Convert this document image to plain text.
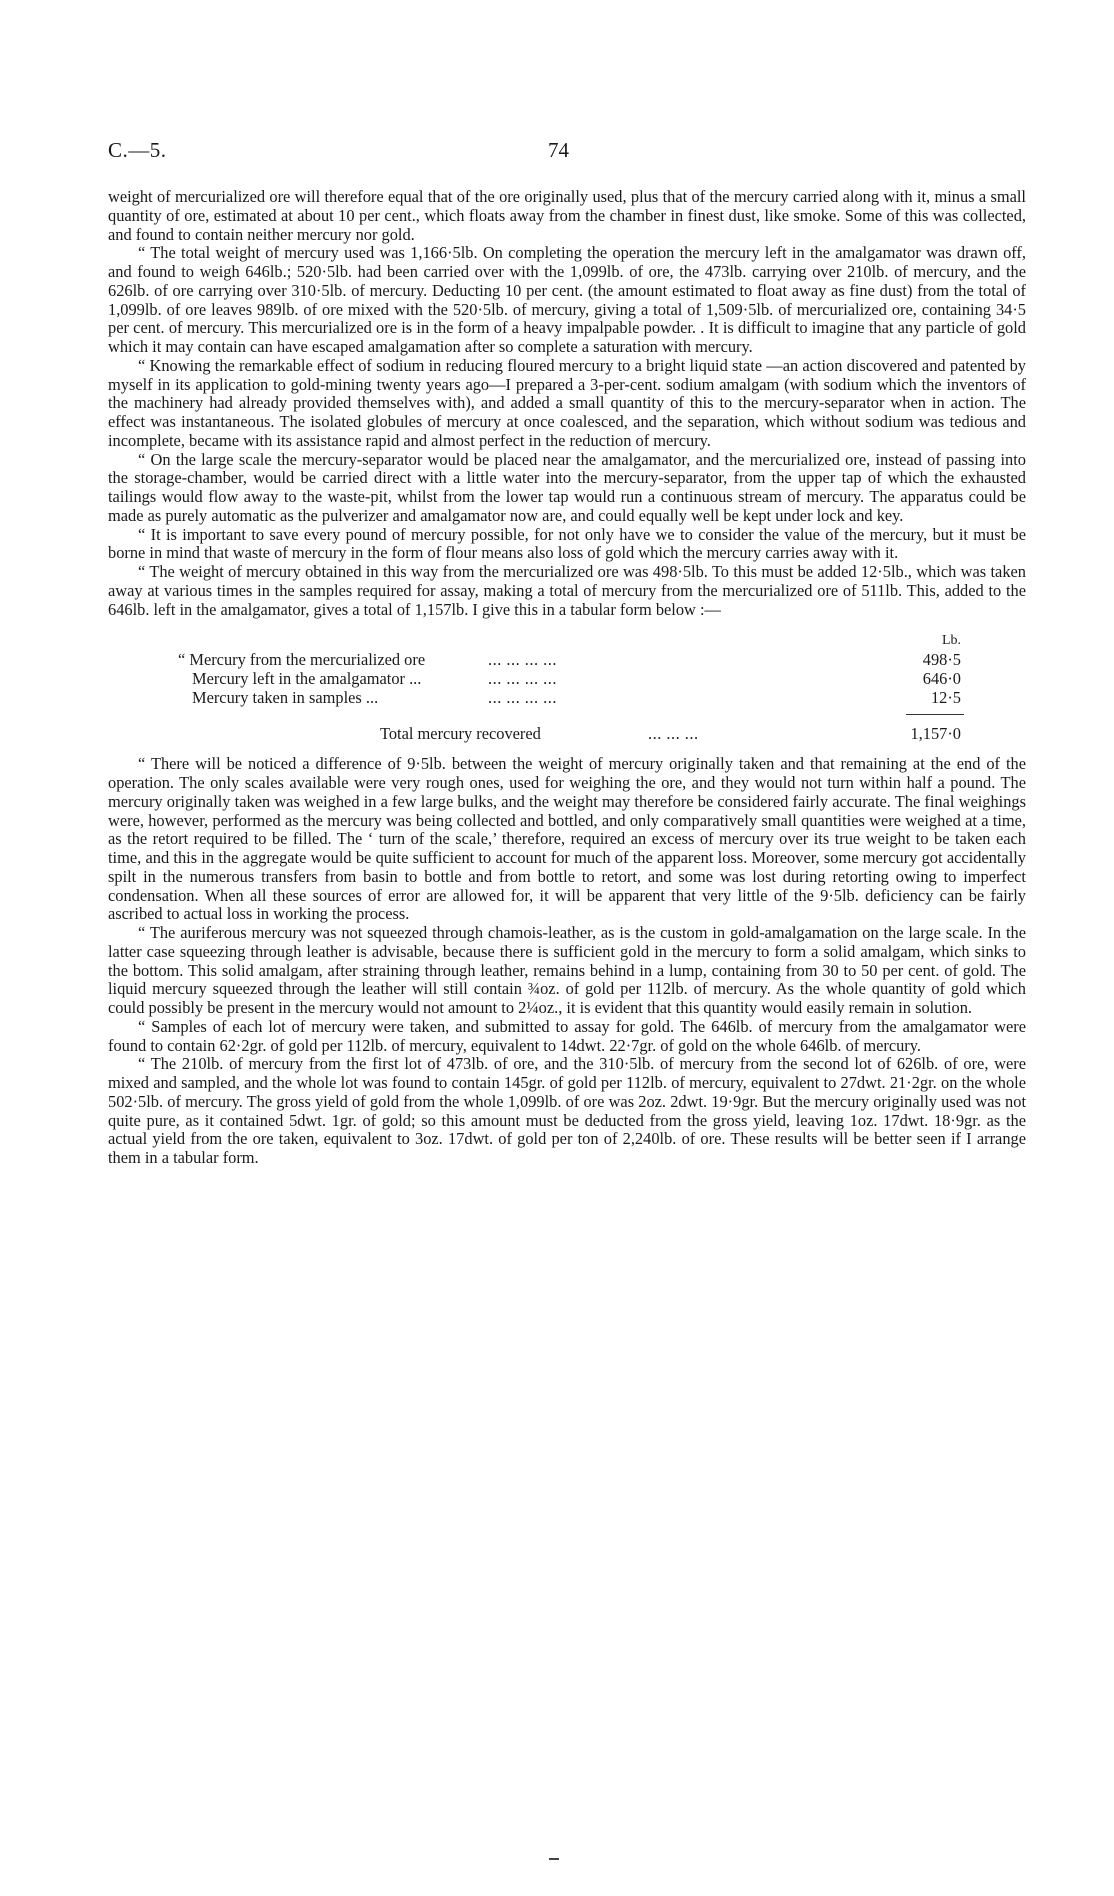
C.—5.	74

weight of mercurialized ore will therefore equal that of the ore originally used, plus that of the mercury carried along with it, minus a small quantity of ore, estimated at about 10 per cent., which floats away from the chamber in finest dust, like smoke. Some of this was collected, and found to contain neither mercury nor gold.

“ The total weight of mercury used was 1,166·5lb. On completing the operation the mercury left in the amalgamator was drawn off, and found to weigh 646lb.; 520·5lb. had been carried over with the 1,099lb. of ore, the 473lb. carrying over 210lb. of mercury, and the 626lb. of ore carrying over 310·5lb. of mercury. Deducting 10 per cent. (the amount estimated to float away as fine dust) from the total of 1,099lb. of ore leaves 989lb. of ore mixed with the 520·5lb. of mercury, giving a total of 1,509·5lb. of mercurialized ore, containing 34·5 per cent. of mercury. This mercurialized ore is in the form of a heavy impalpable powder. . It is difficult to imagine that any particle of gold which it may contain can have escaped amalgamation after so complete a saturation with mercury.

“ Knowing the remarkable effect of sodium in reducing floured mercury to a bright liquid state —an action discovered and patented by myself in its application to gold-mining twenty years ago—I prepared a 3-per-cent. sodium amalgam (with sodium which the inventors of the machinery had already provided themselves with), and added a small quantity of this to the mercury-separator when in action. The effect was instantaneous. The isolated globules of mercury at once coalesced, and the separation, which without sodium was tedious and incomplete, became with its assistance rapid and almost perfect in the reduction of mercury.

“ On the large scale the mercury-separator would be placed near the amalgamator, and the mercurialized ore, instead of passing into the storage-chamber, would be carried direct with a little water into the mercury-separator, from the upper tap of which the exhausted tailings would flow away to the waste-pit, whilst from the lower tap would run a continuous stream of mercury. The apparatus could be made as purely automatic as the pulverizer and amalgamator now are, and could equally well be kept under lock and key.

“ It is important to save every pound of mercury possible, for not only have we to consider the value of the mercury, but it must be borne in mind that waste of mercury in the form of flour means also loss of gold which the mercury carries away with it.

“ The weight of mercury obtained in this way from the mercurialized ore was 498·5lb. To this must be added 12·5lb., which was taken away at various times in the samples required for assay, making a total of mercury from the mercurialized ore of 511lb. This, added to the 646lb. left in the amalgamator, gives a total of 1,157lb. I give this in a tabular form below :—

Lb.
“ Mercury from the mercurialized ore	... ... ... ...	498·5
Mercury left in the amalgamator ...	... ... ... ...	646·0
Mercury taken in samples ...	... ... ... ...	12·5
Total mercury recovered	... ... ...	1,157·0

“ There will be noticed a difference of 9·5lb. between the weight of mercury originally taken and that remaining at the end of the operation. The only scales available were very rough ones, used for weighing the ore, and they would not turn within half a pound. The mercury originally taken was weighed in a few large bulks, and the weight may therefore be considered fairly accurate. The final weighings were, however, performed as the mercury was being collected and bottled, and only comparatively small quantities were weighed at a time, as the retort required to be filled. The ‘ turn of the scale,’ therefore, required an excess of mercury over its true weight to be taken each time, and this in the aggregate would be quite sufficient to account for much of the apparent loss. Moreover, some mercury got accidentally spilt in the numerous transfers from basin to bottle and from bottle to retort, and some was lost during retorting owing to imperfect condensation. When all these sources of error are allowed for, it will be apparent that very little of the 9·5lb. deficiency can be fairly ascribed to actual loss in working the process.

“ The auriferous mercury was not squeezed through chamois-leather, as is the custom in gold-amalgamation on the large scale. In the latter case squeezing through leather is advisable, because there is sufficient gold in the mercury to form a solid amalgam, which sinks to the bottom. This solid amalgam, after straining through leather, remains behind in a lump, containing from 30 to 50 per cent. of gold. The liquid mercury squeezed through the leather will still contain ¾oz. of gold per 112lb. of mercury. As the whole quantity of gold which could possibly be present in the mercury would not amount to 2¼oz., it is evident that this quantity would easily remain in solution.

“ Samples of each lot of mercury were taken, and submitted to assay for gold. The 646lb. of mercury from the amalgamator were found to contain 62·2gr. of gold per 112lb. of mercury, equivalent to 14dwt. 22·7gr. of gold on the whole 646lb. of mercury.

“ The 210lb. of mercury from the first lot of 473lb. of ore, and the 310·5lb. of mercury from the second lot of 626lb. of ore, were mixed and sampled, and the whole lot was found to contain 145gr. of gold per 112lb. of mercury, equivalent to 27dwt. 21·2gr. on the whole 502·5lb. of mercury. The gross yield of gold from the whole 1,099lb. of ore was 2oz. 2dwt. 19·9gr. But the mercury originally used was not quite pure, as it contained 5dwt. 1gr. of gold; so this amount must be deducted from the gross yield, leaving 1oz. 17dwt. 18·9gr. as the actual yield from the ore taken, equivalent to 3oz. 17dwt. of gold per ton of 2,240lb. of ore. These results will be better seen if I arrange them in a tabular form.
